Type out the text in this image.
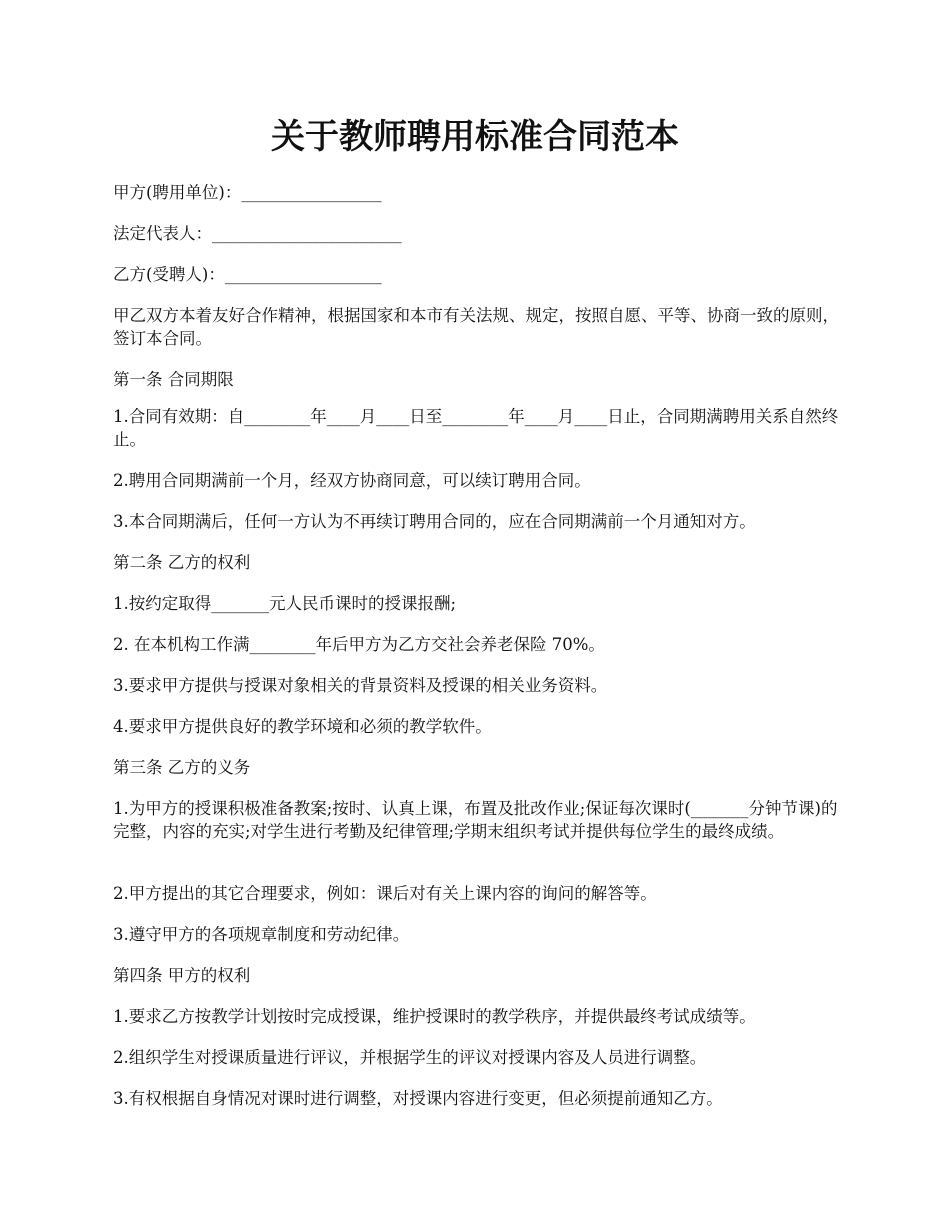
关于教师聘用标准合同范本

甲方(聘用单位)：_________________

法定代表人：_______________________

乙方(受聘人)：___________________

甲乙双方本着友好合作精神，根据国家和本市有关法规、规定，按照自愿、平等、协商一致的原则，签订本合同。

第一条 合同期限

1.合同有效期：自________年____月____日至________年____月____日止，合同期满聘用关系自然终止。

2.聘用合同期满前一个月，经双方协商同意，可以续订聘用合同。

3.本合同期满后，任何一方认为不再续订聘用合同的，应在合同期满前一个月通知对方。

第二条 乙方的权利

1.按约定取得_______元人民币课时的授课报酬;

2. 在本机构工作满________年后甲方为乙方交社会养老保险 70%。

3.要求甲方提供与授课对象相关的背景资料及授课的相关业务资料。

4.要求甲方提供良好的教学环境和必须的教学软件。

第三条 乙方的义务

1.为甲方的授课积极准备教案;按时、认真上课，布置及批改作业;保证每次课时(_______分钟节课)的完整，内容的充实;对学生进行考勤及纪律管理;学期末组织考试并提供每位学生的最终成绩。

2.甲方提出的其它合理要求，例如：课后对有关上课内容的询问的解答等。

3.遵守甲方的各项规章制度和劳动纪律。

第四条 甲方的权利

1.要求乙方按教学计划按时完成授课，维护授课时的教学秩序，并提供最终考试成绩等。

2.组织学生对授课质量进行评议，并根据学生的评议对授课内容及人员进行调整。

3.有权根据自身情况对课时进行调整，对授课内容进行变更，但必须提前通知乙方。
